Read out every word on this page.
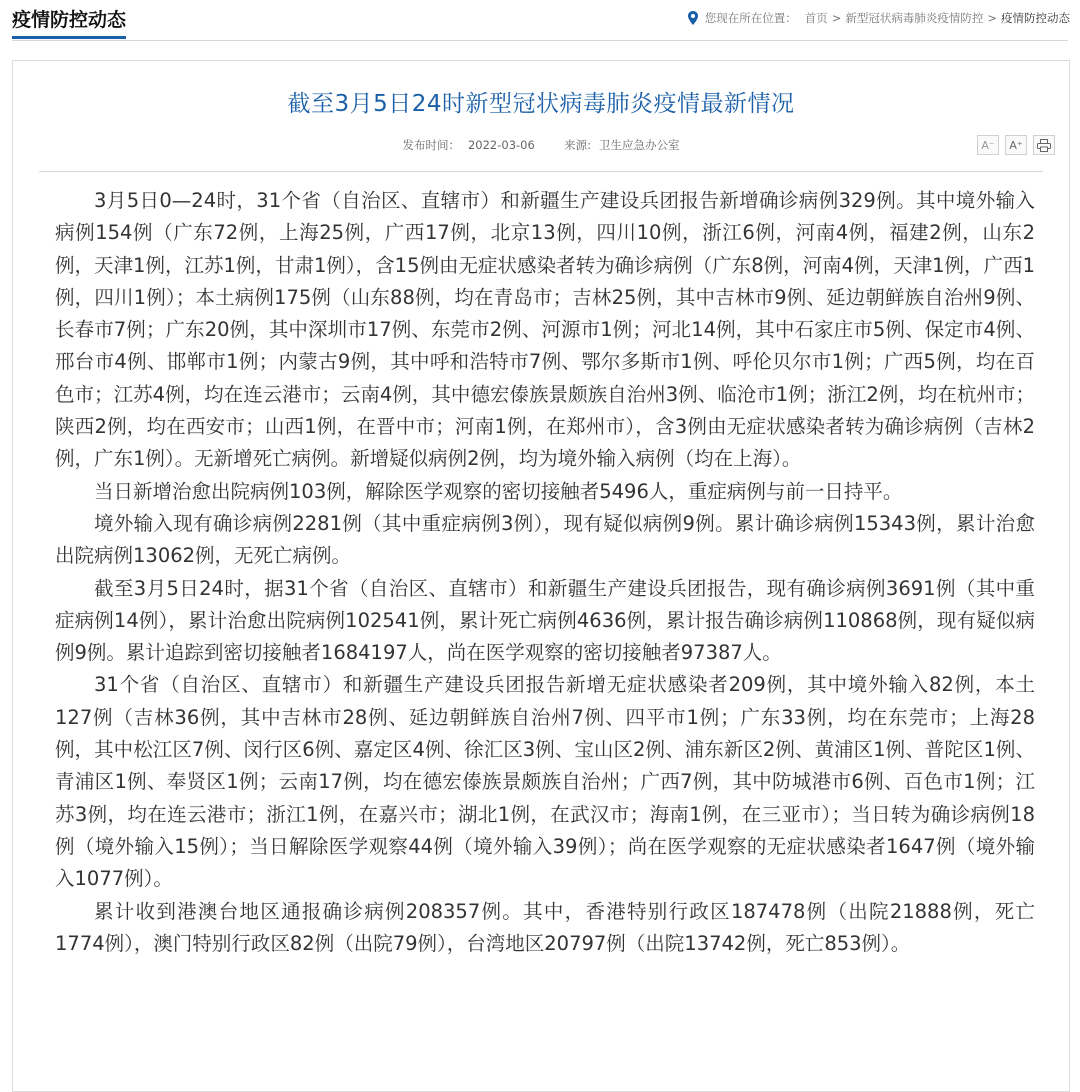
疫情防控动态	您现在所在位置： 首页 > 新型冠状病毒肺炎疫情防控 > 疫情防控动态
截至3月5日24时新型冠状病毒肺炎疫情最新情况
发布时间： 2022-03-06	来源: 卫生应急办公室	A⁻	A⁺

3月5日0—24时，31个省（自治区、直辖市）和新疆生产建设兵团报告新增确诊病例329例。其中境外输入病例154例（广东72例，上海25例，广西17例，北京13例，四川10例，浙江6例，河南4例，福建2例，山东2例，天津1例，江苏1例，甘肃1例），含15例由无症状感染者转为确诊病例（广东8例，河南4例，天津1例，广西1例，四川1例）；本土病例175例（山东88例，均在青岛市；吉林25例，其中吉林市9例、延边朝鲜族自治州9例、长春市7例；广东20例，其中深圳市17例、东莞市2例、河源市1例；河北14例，其中石家庄市5例、保定市4例、邢台市4例、邯郸市1例；内蒙古9例，其中呼和浩特市7例、鄂尔多斯市1例、呼伦贝尔市1例；广西5例，均在百色市；江苏4例，均在连云港市；云南4例，其中德宏傣族景颇族自治州3例、临沧市1例；浙江2例，均在杭州市；陕西2例，均在西安市；山西1例，在晋中市；河南1例，在郑州市），含3例由无症状感染者转为确诊病例（吉林2例，广东1例）。无新增死亡病例。新增疑似病例2例，均为境外输入病例（均在上海）。

当日新增治愈出院病例103例，解除医学观察的密切接触者5496人，重症病例与前一日持平。

境外输入现有确诊病例2281例（其中重症病例3例），现有疑似病例9例。累计确诊病例15343例，累计治愈出院病例13062例，无死亡病例。

截至3月5日24时，据31个省（自治区、直辖市）和新疆生产建设兵团报告，现有确诊病例3691例（其中重症病例14例），累计治愈出院病例102541例，累计死亡病例4636例，累计报告确诊病例110868例，现有疑似病例9例。累计追踪到密切接触者1684197人，尚在医学观察的密切接触者97387人。

31个省（自治区、直辖市）和新疆生产建设兵团报告新增无症状感染者209例，其中境外输入82例，本土127例（吉林36例，其中吉林市28例、延边朝鲜族自治州7例、四平市1例；广东33例，均在东莞市；上海28例，其中松江区7例、闵行区6例、嘉定区4例、徐汇区3例、宝山区2例、浦东新区2例、黄浦区1例、普陀区1例、青浦区1例、奉贤区1例；云南17例，均在德宏傣族景颇族自治州；广西7例，其中防城港市6例、百色市1例；江苏3例，均在连云港市；浙江1例，在嘉兴市；湖北1例，在武汉市；海南1例，在三亚市）；当日转为确诊病例18例（境外输入15例）；当日解除医学观察44例（境外输入39例）；尚在医学观察的无症状感染者1647例（境外输入1077例）。

累计收到港澳台地区通报确诊病例208357例。其中，香港特别行政区187478例（出院21888例，死亡1774例），澳门特别行政区82例（出院79例），台湾地区20797例（出院13742例，死亡853例）。
